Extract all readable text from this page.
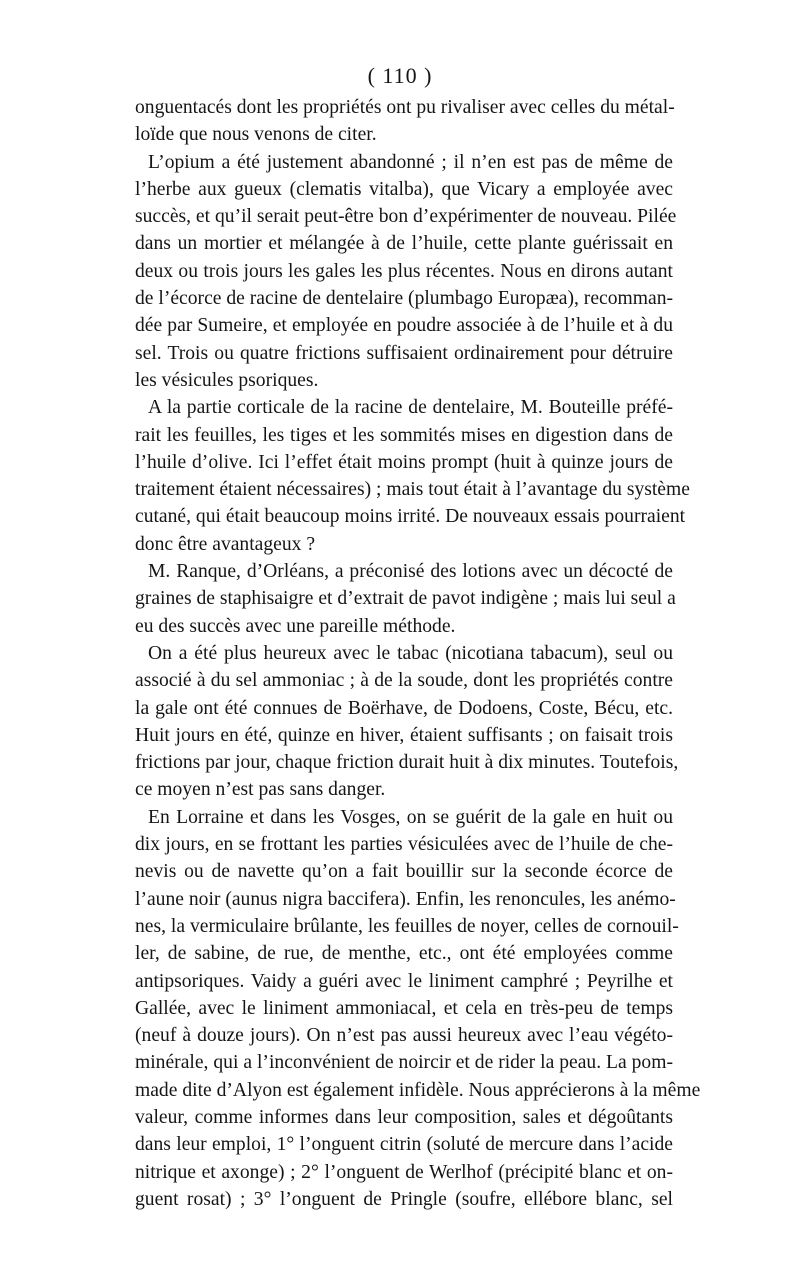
( 110 )
onguentacés dont les propriétés ont pu rivaliser avec celles du métal-
loïde que nous venons de citer.
L’opium a été justement abandonné ; il n’en est pas de même de
l’herbe aux gueux (clematis vitalba), que Vicary a employée avec
succès, et qu’il serait peut-être bon d’expérimenter de nouveau. Pilée
dans un mortier et mélangée à de l’huile, cette plante guérissait en
deux ou trois jours les gales les plus récentes. Nous en dirons autant
de l’écorce de racine de dentelaire (plumbago Europæa), recomman-
dée par Sumeire, et employée en poudre associée à de l’huile et à du
sel. Trois ou quatre frictions suffisaient ordinairement pour détruire
les vésicules psoriques.
A la partie corticale de la racine de dentelaire, M. Bouteille préfé-
rait les feuilles, les tiges et les sommités mises en digestion dans de
l’huile d’olive. Ici l’effet était moins prompt (huit à quinze jours de
traitement étaient nécessaires) ; mais tout était à l’avantage du système
cutané, qui était beaucoup moins irrité. De nouveaux essais pourraient
donc être avantageux ?
M. Ranque, d’Orléans, a préconisé des lotions avec un décocté de
graines de staphisaigre et d’extrait de pavot indigène ; mais lui seul a
eu des succès avec une pareille méthode.
On a été plus heureux avec le tabac (nicotiana tabacum), seul ou
associé à du sel ammoniac ; à de la soude, dont les propriétés contre
la gale ont été connues de Boërhave, de Dodoens, Coste, Bécu, etc.
Huit jours en été, quinze en hiver, étaient suffisants ; on faisait trois
frictions par jour, chaque friction durait huit à dix minutes. Toutefois,
ce moyen n’est pas sans danger.
En Lorraine et dans les Vosges, on se guérit de la gale en huit ou
dix jours, en se frottant les parties vésiculées avec de l’huile de che-
nevis ou de navette qu’on a fait bouillir sur la seconde écorce de
l’aune noir (aunus nigra baccifera). Enfin, les renoncules, les anémo-
nes, la vermiculaire brûlante, les feuilles de noyer, celles de cornouil-
ler, de sabine, de rue, de menthe, etc., ont été employées comme
antipsoriques. Vaidy a guéri avec le liniment camphré ; Peyrilhe et
Gallée, avec le liniment ammoniacal, et cela en très-peu de temps
(neuf à douze jours). On n’est pas aussi heureux avec l’eau végéto-
minérale, qui a l’inconvénient de noircir et de rider la peau. La pom-
made dite d’Alyon est également infidèle. Nous apprécierons à la même
valeur, comme informes dans leur composition, sales et dégoûtants
dans leur emploi, 1° l’onguent citrin (soluté de mercure dans l’acide
nitrique et axonge) ; 2° l’onguent de Werlhof (précipité blanc et on-
guent rosat) ; 3° l’onguent de Pringle (soufre, ellébore blanc, sel
